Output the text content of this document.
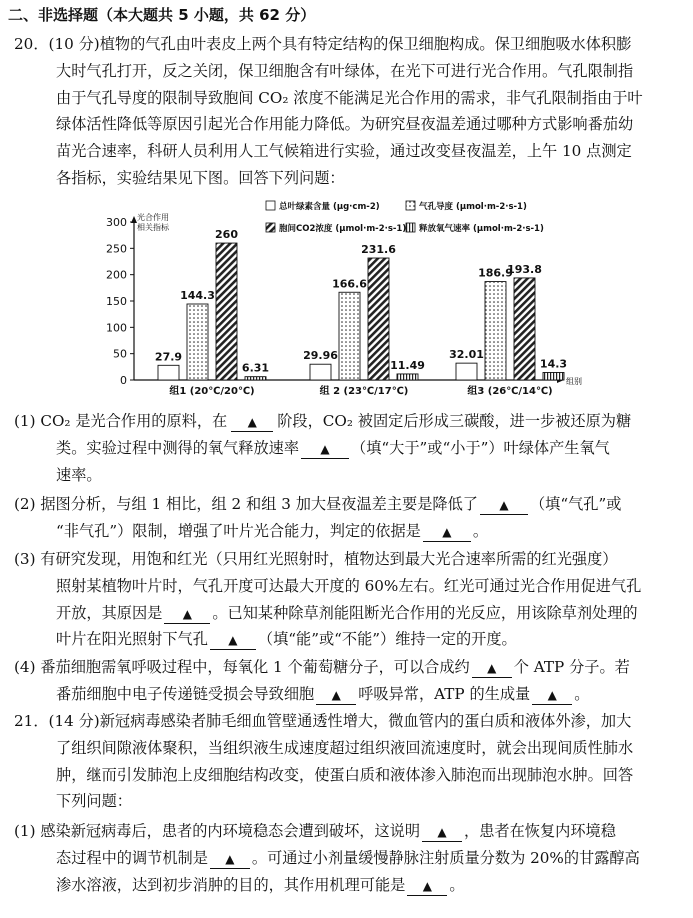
二、非选择题（本大题共 5 小题，共 62 分）
20．(10 分)植物的气孔由叶表皮上两个具有特定结构的保卫细胞构成。保卫细胞吸水体积膨
大时气孔打开，反之关闭，保卫细胞含有叶绿体，在光下可进行光合作用。气孔限制指
由于气孔导度的限制导致胞间 CO₂ 浓度不能满足光合作用的需求，非气孔限制指由于叶
绿体活性降低等原因引起光合作用能力降低。为研究昼夜温差通过哪种方式影响番茄幼
苗光合速率，科研人员利用人工气候箱进行实验，通过改变昼夜温差，上午 10 点测定
各指标，实验结果见下图。回答下列问题：
总叶绿素含量 (μg·cm-2)	气孔导度 (μmol·m-2·s-1)
胞间CO2浓度 (μmol·m-2·s-1) 释放氧气速率 (μmol·m-2·s-1)
0
50
100
150
200
250
300 光合作用
相关指标
组别
27.9
144.3
260
6.31
组1 (20℃/20℃)
29.96
166.6
231.6
11.49
组 2 (23℃/17℃)
32.01
186.9
193.8
14.3
组3 (26℃/14℃)
(1) CO₂ 是光合作用的原料，在 ▲	阶段，CO₂ 被固定后形成三碳酸，进一步被还原为糖
类。实验过程中测得的氧气释放速率 ▲	（填“大于”或“小于”）叶绿体产生氧气
速率。
(2) 据图分析，与组 1 相比，组 2 和组 3 加大昼夜温差主要是降低了 ▲	（填“气孔”或
“非气孔”）限制，增强了叶片光合能力，判定的依据是 ▲	。
(3) 有研究发现，用饱和红光（只用红光照射时，植物达到最大光合速率所需的红光强度）
照射某植物叶片时，气孔开度可达最大开度的 60%左右。红光可通过光合作用促进气孔
开放，其原因是 ▲	。已知某种除草剂能阻断光合作用的光反应，用该除草剂处理的
叶片在阳光照射下气孔 ▲	（填“能”或“不能”）维持一定的开度。
(4) 番茄细胞需氧呼吸过程中，每氧化 1 个葡萄糖分子，可以合成约 ▲	个 ATP 分子。若
番茄细胞中电子传递链受损会导致细胞 ▲	呼吸异常，ATP 的生成量 ▲	。
21．(14 分)新冠病毒感染者肺毛细血管壁通透性增大，微血管内的蛋白质和液体外渗，加大
了组织间隙液体聚积，当组织液生成速度超过组织液回流速度时，就会出现间质性肺水
肿，继而引发肺泡上皮细胞结构改变，使蛋白质和液体渗入肺泡而出现肺泡水肿。回答
下列问题：
(1) 感染新冠病毒后，患者的内环境稳态会遭到破坏，这说明 ▲	，患者在恢复内环境稳
态过程中的调节机制是 ▲	。可通过小剂量缓慢静脉注射质量分数为 20%的甘露醇高
渗水溶液，达到初步消肿的目的，其作用机理可能是 ▲	。
